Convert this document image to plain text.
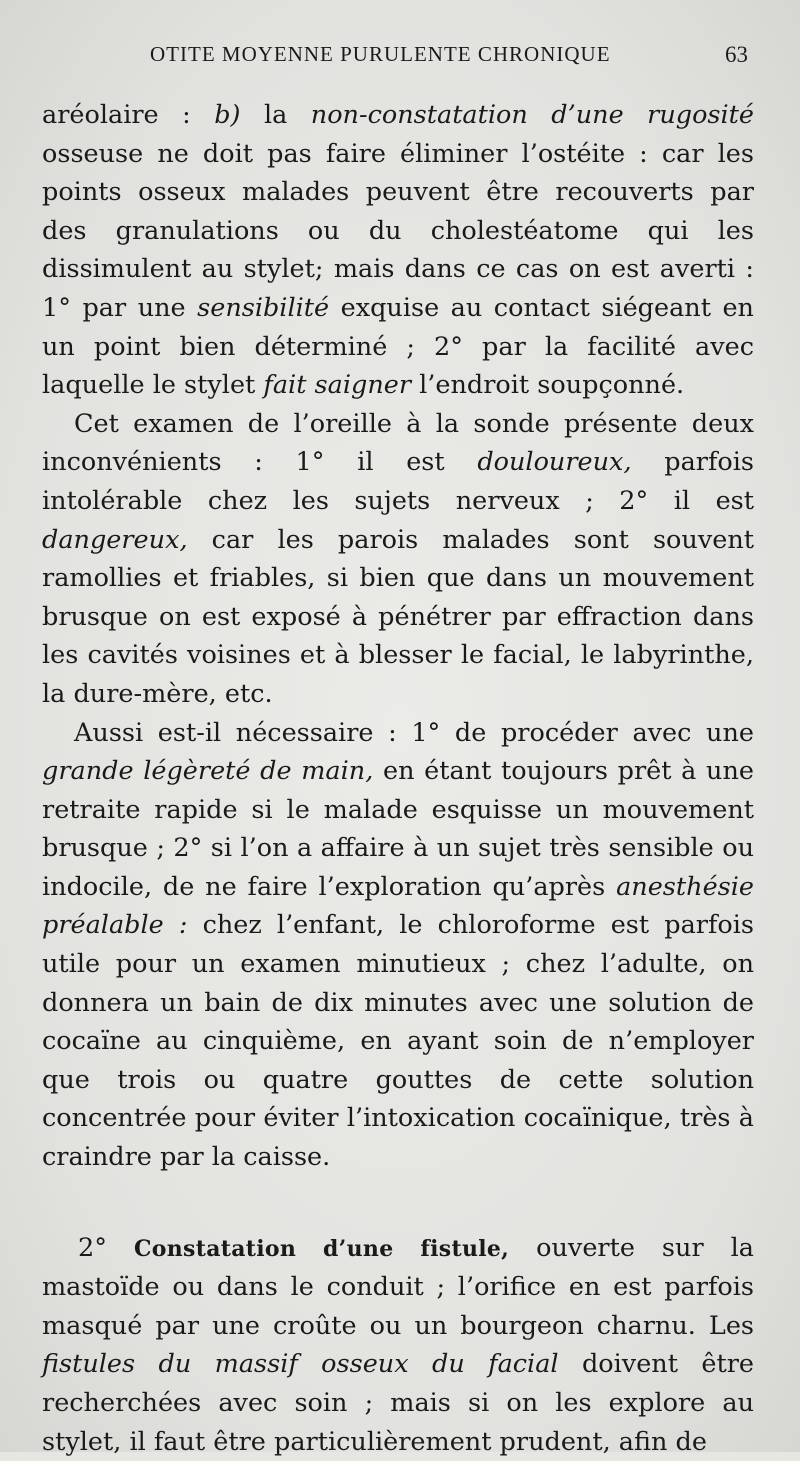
OTITE MOYENNE PURULENTE CHRONIQUE	63

aréolaire : b) la non-constatation d’une rugosité osseuse ne doit pas faire éliminer l’ostéite : car les points osseux malades peuvent être recouverts par des granulations ou du cholestéatome qui les dissimulent au stylet; mais dans ce cas on est averti : 1° par une sensibilité exquise au contact siégeant en un point bien déterminé ; 2° par la facilité avec laquelle le stylet fait saigner l’endroit soupçonné.

Cet examen de l’oreille à la sonde présente deux inconvénients : 1° il est douloureux, parfois intolérable chez les sujets nerveux ; 2° il est dangereux, car les parois malades sont souvent ramollies et friables, si bien que dans un mouvement brusque on est exposé à pénétrer par effraction dans les cavités voisines et à blesser le facial, le labyrinthe, la dure-mère, etc.

Aussi est-il nécessaire : 1° de procéder avec une grande légèreté de main, en étant toujours prêt à une retraite rapide si le malade esquisse un mouvement brusque ; 2° si l’on a affaire à un sujet très sensible ou indocile, de ne faire l’exploration qu’après anesthésie préalable : chez l’enfant, le chloroforme est parfois utile pour un examen minutieux ; chez l’adulte, on donnera un bain de dix minutes avec une solution de cocaïne au cinquième, en ayant soin de n’employer que trois ou quatre gouttes de cette solution concentrée pour éviter l’intoxication cocaïnique, très à craindre par la caisse.

2° Constatation d’une fistule, ouverte sur la mastoïde ou dans le conduit ; l’orifice en est parfois masqué par une croûte ou un bourgeon charnu. Les fistules du massif osseux du facial doivent être recherchées avec soin ; mais si on les explore au stylet, il faut être particulièrement prudent, afin de
